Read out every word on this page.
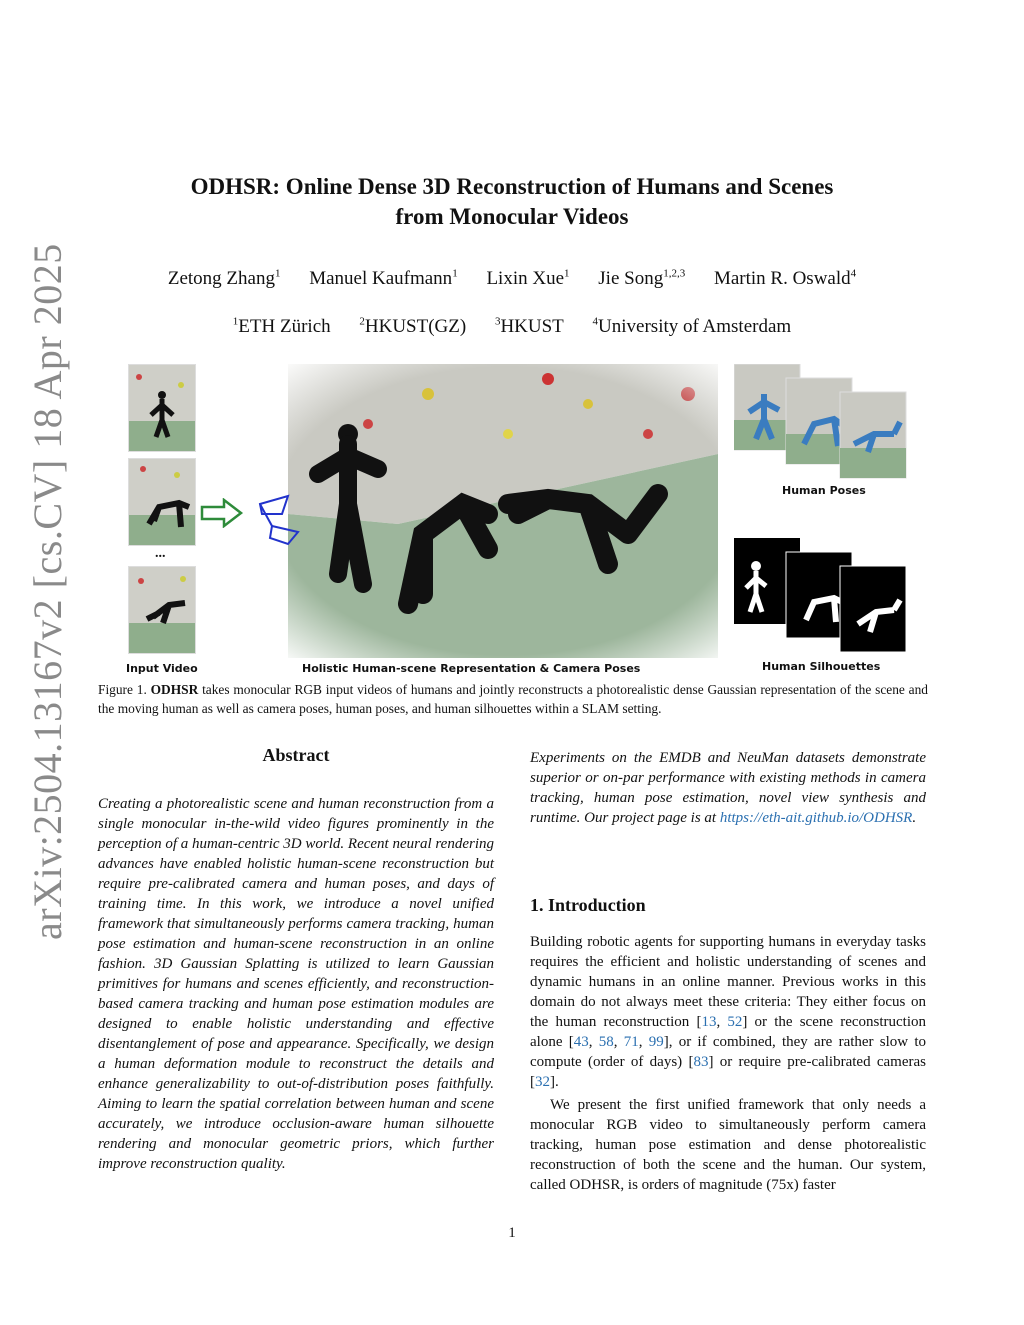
arXiv:2504.13167v2 [cs.CV] 18 Apr 2025
ODHSR: Online Dense 3D Reconstruction of Humans and Scenes
from Monocular Videos
Zetong Zhang$^1$ Manuel Kaufmann$^1$ Lixin Xue$^1$ Jie Song$^{1,2,3}$ Martin R. Oswald$^4$
$^1$ETH Zürich	$^2$HKUST(GZ)	$^3$HKUST	$^4$University of Amsterdam
...
Input Video	Holistic Human-scene Representation & Camera Poses
Human Poses
Human Silhouettes
Figure 1. ODHSR takes monocular RGB input videos of humans and jointly reconstructs a photorealistic dense Gaussian representation of the scene and the moving human as well as camera poses, human poses, and human silhouettes within a SLAM setting.
Abstract
Creating a photorealistic scene and human reconstruction from a single monocular in-the-wild video figures prominently in the perception of a human-centric 3D world. Recent neural rendering advances have enabled holistic human-scene reconstruction but require pre-calibrated camera and human poses, and days of training time. In this work, we introduce a novel unified framework that simultaneously performs camera tracking, human pose estimation and human-scene reconstruction in an online fashion. 3D Gaussian Splatting is utilized to learn Gaussian primitives for humans and scenes efficiently, and reconstruction-based camera tracking and human pose estimation modules are designed to enable holistic understanding and effective disentanglement of pose and appearance. Specifically, we design a human deformation module to reconstruct the details and enhance generalizability to out-of-distribution poses faithfully. Aiming to learn the spatial correlation between human and scene accurately, we introduce occlusion-aware human silhouette rendering and monocular geometric priors, which further improve reconstruction quality.
Experiments on the EMDB and NeuMan datasets demonstrate superior or on-par performance with existing methods in camera tracking, human pose estimation, novel view synthesis and runtime. Our project page is at https://eth-ait.github.io/ODHSR.
1. Introduction

Building robotic agents for supporting humans in everyday tasks requires the efficient and holistic understanding of scenes and dynamic humans in an online manner. Previous works in this domain do not always meet these criteria: They either focus on the human reconstruction [13, 52] or the scene reconstruction alone [43, 58, 71, 99], or if combined, they are rather slow to compute (order of days) [83] or require pre-calibrated cameras [32].

We present the first unified framework that only needs a monocular RGB video to simultaneously perform camera tracking, human pose estimation and dense photorealistic reconstruction of both the scene and the human. Our system, called ODHSR, is orders of magnitude (75x) faster

1
